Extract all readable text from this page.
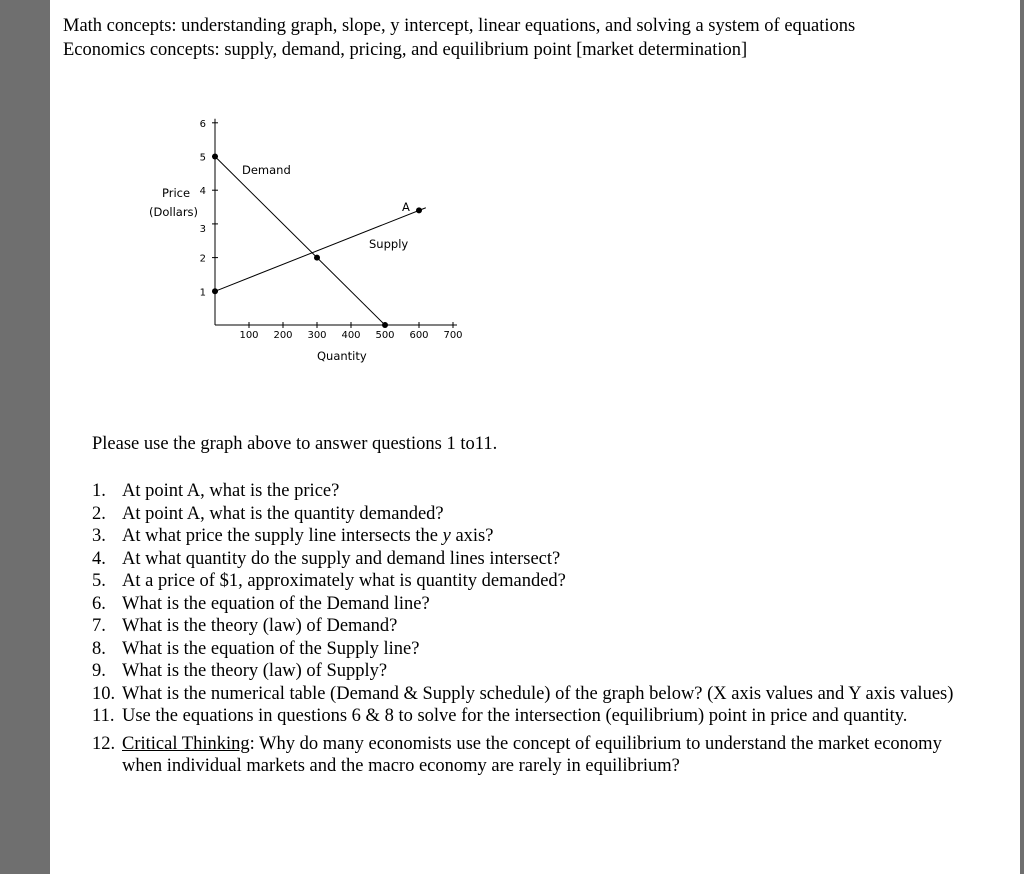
Math concepts: understanding graph, slope, y intercept, linear equations, and solving a system of equations
Economics concepts: supply, demand, pricing, and equilibrium point [market determination]
1
2
3
4
5
6
100 200 300 400 500 600 700
Price
(Dollars)
Quantity
Demand
Supply
A
Please use the graph above to answer questions 1 to11.
1. At point A, what is the price?
2. At point A, what is the quantity demanded?
3. At what price the supply line intersects the y axis?
4. At what quantity do the supply and demand lines intersect?
5. At a price of $1, approximately what is quantity demanded?
6. What is the equation of the Demand line?
7. What is the theory (law) of Demand?
8. What is the equation of the Supply line?
9. What is the theory (law) of Supply?
10. What is the numerical table (Demand & Supply schedule) of the graph below? (X axis values and Y axis values)
11. Use the equations in questions 6 & 8 to solve for the intersection (equilibrium) point in price and quantity.
12. Critical Thinking: Why do many economists use the concept of equilibrium to understand the market economy when individual markets and the macro economy are rarely in equilibrium?
